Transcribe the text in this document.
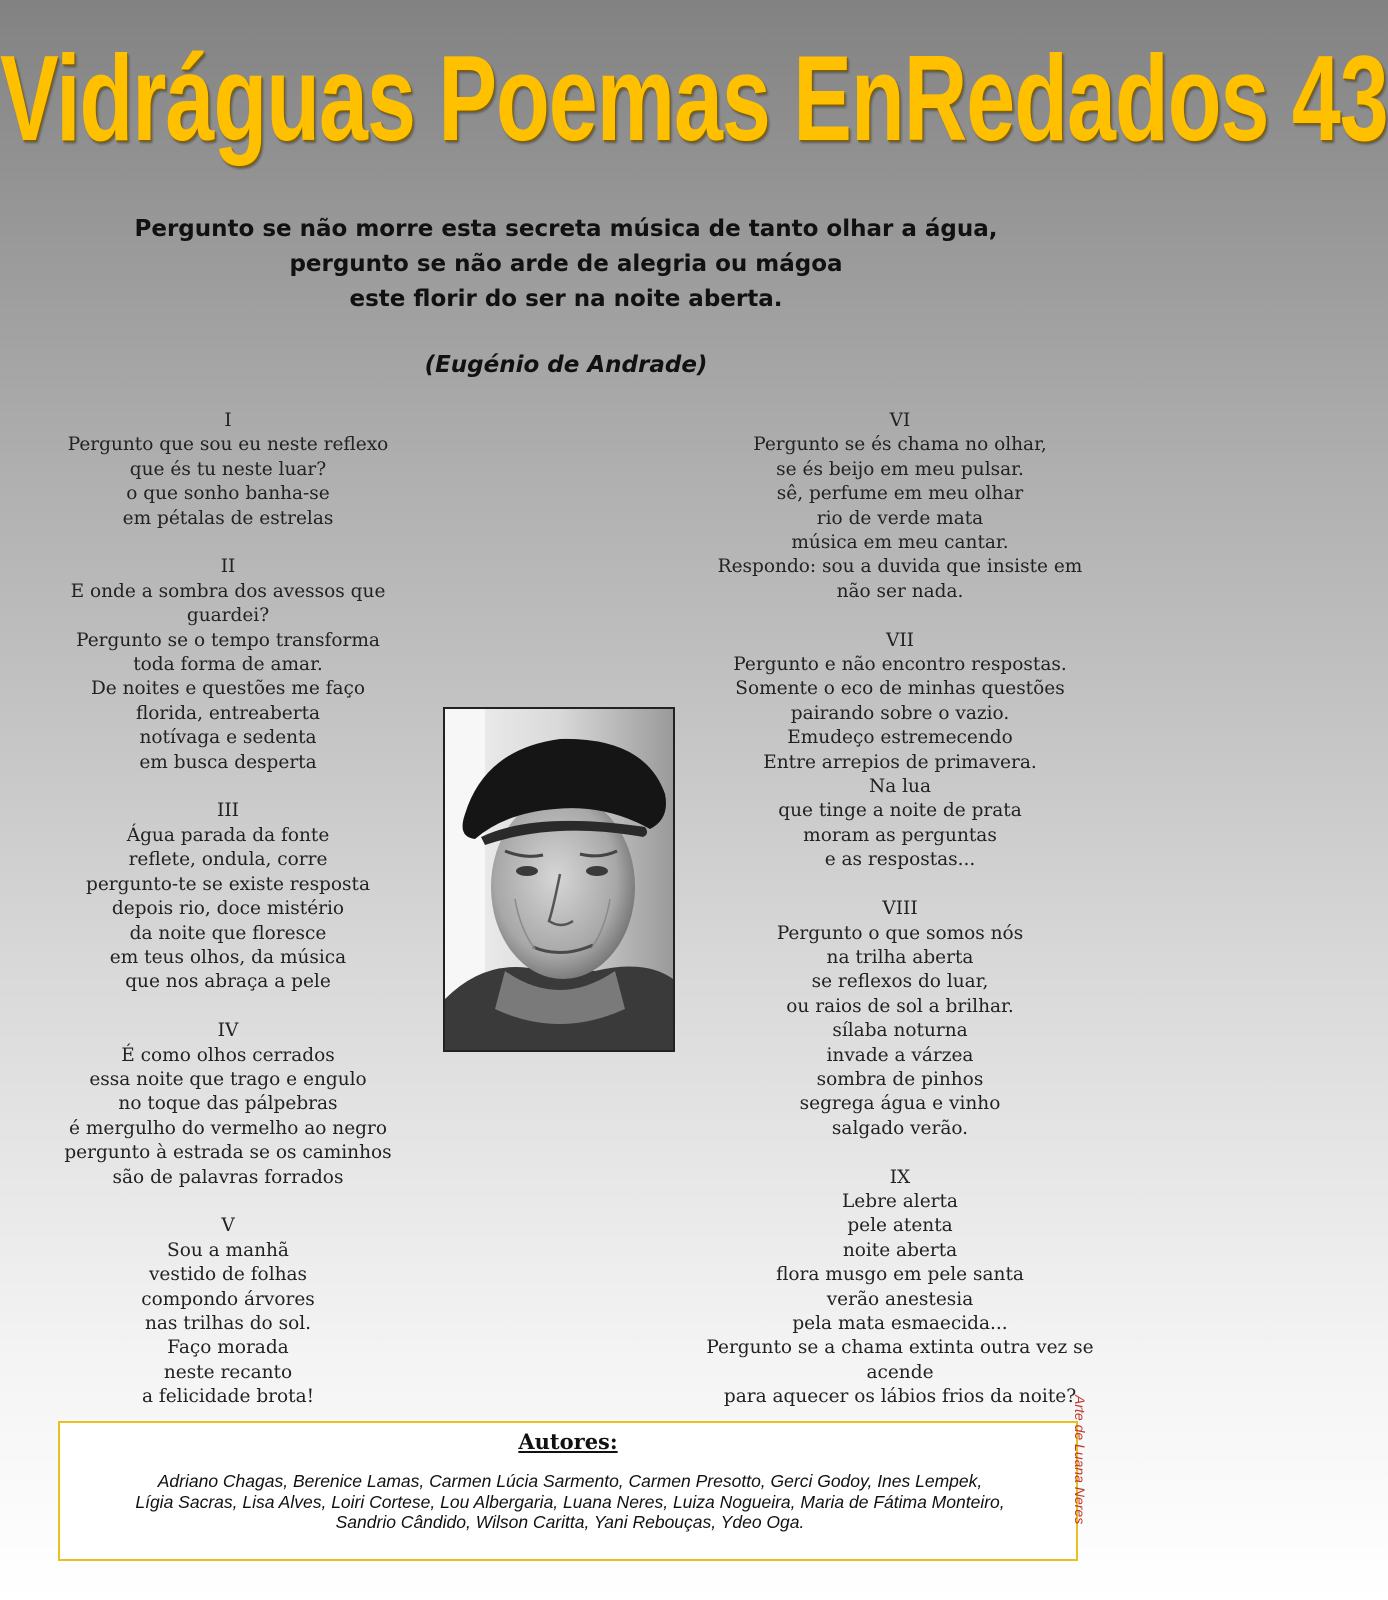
Vidráguas Poemas EnRedados 43
Pergunto se não morre esta secreta música de tanto olhar a água,
pergunto se não arde de alegria ou mágoa
este florir do ser na noite aberta.
(Eugénio de Andrade)
I
Pergunto que sou eu neste reflexo
que és tu neste luar?
o que sonho banha-se
em pétalas de estrelas
II
E onde a sombra dos avessos que
guardei?
Pergunto se o tempo transforma
toda forma de amar.
De noites e questões me faço
florida, entreaberta
notívaga e sedenta
em busca desperta
III
Água parada da fonte
reflete, ondula, corre
pergunto-te se existe resposta
depois rio, doce mistério
da noite que floresce
em teus olhos, da música
que nos abraça a pele
IV
É como olhos cerrados
essa noite que trago e engulo
no toque das pálpebras
é mergulho do vermelho ao negro
pergunto à estrada se os caminhos
são de palavras forrados
V
Sou a manhã
vestido de folhas
compondo árvores
nas trilhas do sol.
Faço morada
neste recanto
a felicidade brota!
VI
Pergunto se és chama no olhar,
se és beijo em meu pulsar.
sê, perfume em meu olhar
rio de verde mata
música em meu cantar.
Respondo: sou a duvida que insiste em
não ser nada.
VII
Pergunto e não encontro respostas.
Somente o eco de minhas questões
pairando sobre o vazio.
Emudeço estremecendo
Entre arrepios de primavera.
Na lua
que tinge a noite de prata
moram as perguntas
e as respostas...
VIII
Pergunto o que somos nós
na trilha aberta
se reflexos do luar,
ou raios de sol a brilhar.
sílaba noturna
invade a várzea
sombra de pinhos
segrega água e vinho
salgado verão.
IX
Lebre alerta
pele atenta
noite aberta
flora musgo em pele santa
verão anestesia
pela mata esmaecida...
Pergunto se a chama extinta outra vez se
acende
para aquecer os lábios frios da noite?
Autores:
Adriano Chagas, Berenice Lamas, Carmen Lúcia Sarmento, Carmen Presotto, Gerci Godoy, Ines Lempek,
Lígia Sacras, Lisa Alves, Loiri Cortese, Lou Albergaria, Luana Neres, Luiza Nogueira, Maria de Fátima Monteiro,
Sandrio Cândido, Wilson Caritta, Yani Rebouças, Ydeo Oga.	Arte de Luana Neres
